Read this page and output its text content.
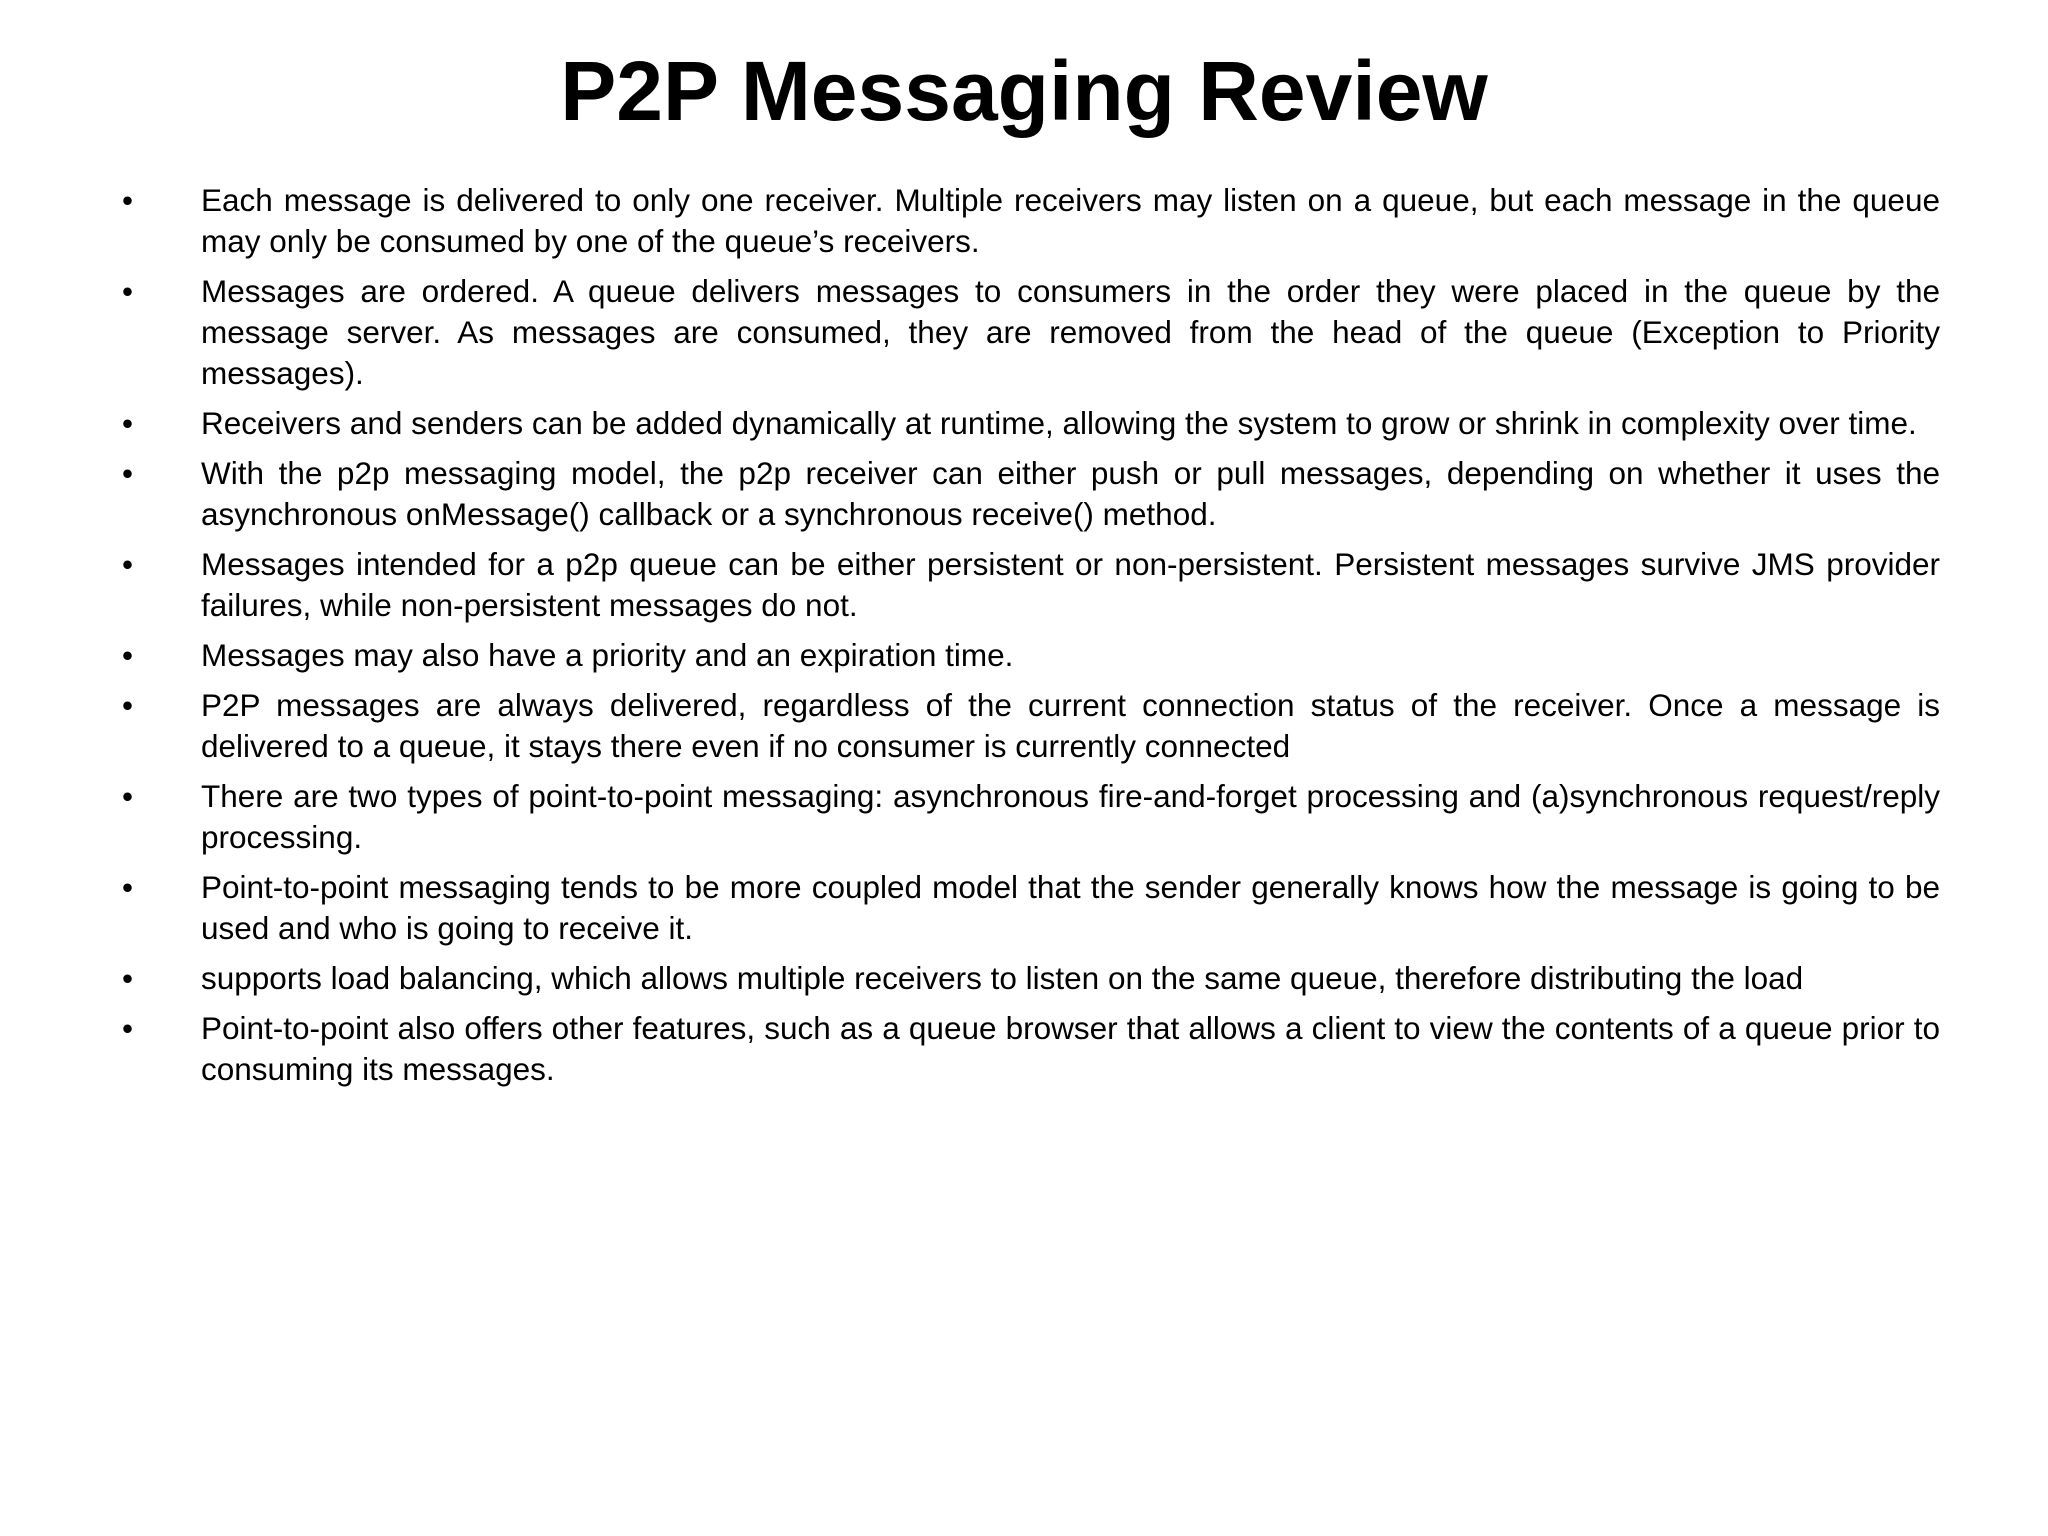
P2P Messaging Review
•	Each message is delivered to only one receiver. Multiple receivers may listen on a queue, but each message in the queue may only be consumed by one of the queue’s receivers.
•	Messages are ordered. A queue delivers messages to consumers in the order they were placed in the queue by the message server. As messages are consumed, they are removed from the head of the queue (Exception to Priority messages).
•	Receivers and senders can be added dynamically at runtime, allowing the system to grow or shrink in complexity over time.
•	With the p2p messaging model, the p2p receiver can either push or pull messages, depending on whether it uses the asynchronous onMessage() callback or a synchronous receive() method.
•	Messages intended for a p2p queue can be either persistent or non-persistent. Persistent messages survive JMS provider failures, while non-persistent messages do not.
•	Messages may also have a priority and an expiration time.
•	P2P messages are always delivered, regardless of the current connection status of the receiver. Once a message is delivered to a queue, it stays there even if no consumer is currently connected
•	There are two types of point-to-point messaging: asynchronous fire-and-forget processing and (a)synchronous request/reply processing.
•	Point-to-point messaging tends to be more coupled model that the sender generally knows how the message is going to be used and who is going to receive it.
•	supports load balancing, which allows multiple receivers to listen on the same queue, therefore distributing the load
•	Point-to-point also offers other features, such as a queue browser that allows a client to view the contents of a queue prior to consuming its messages.
